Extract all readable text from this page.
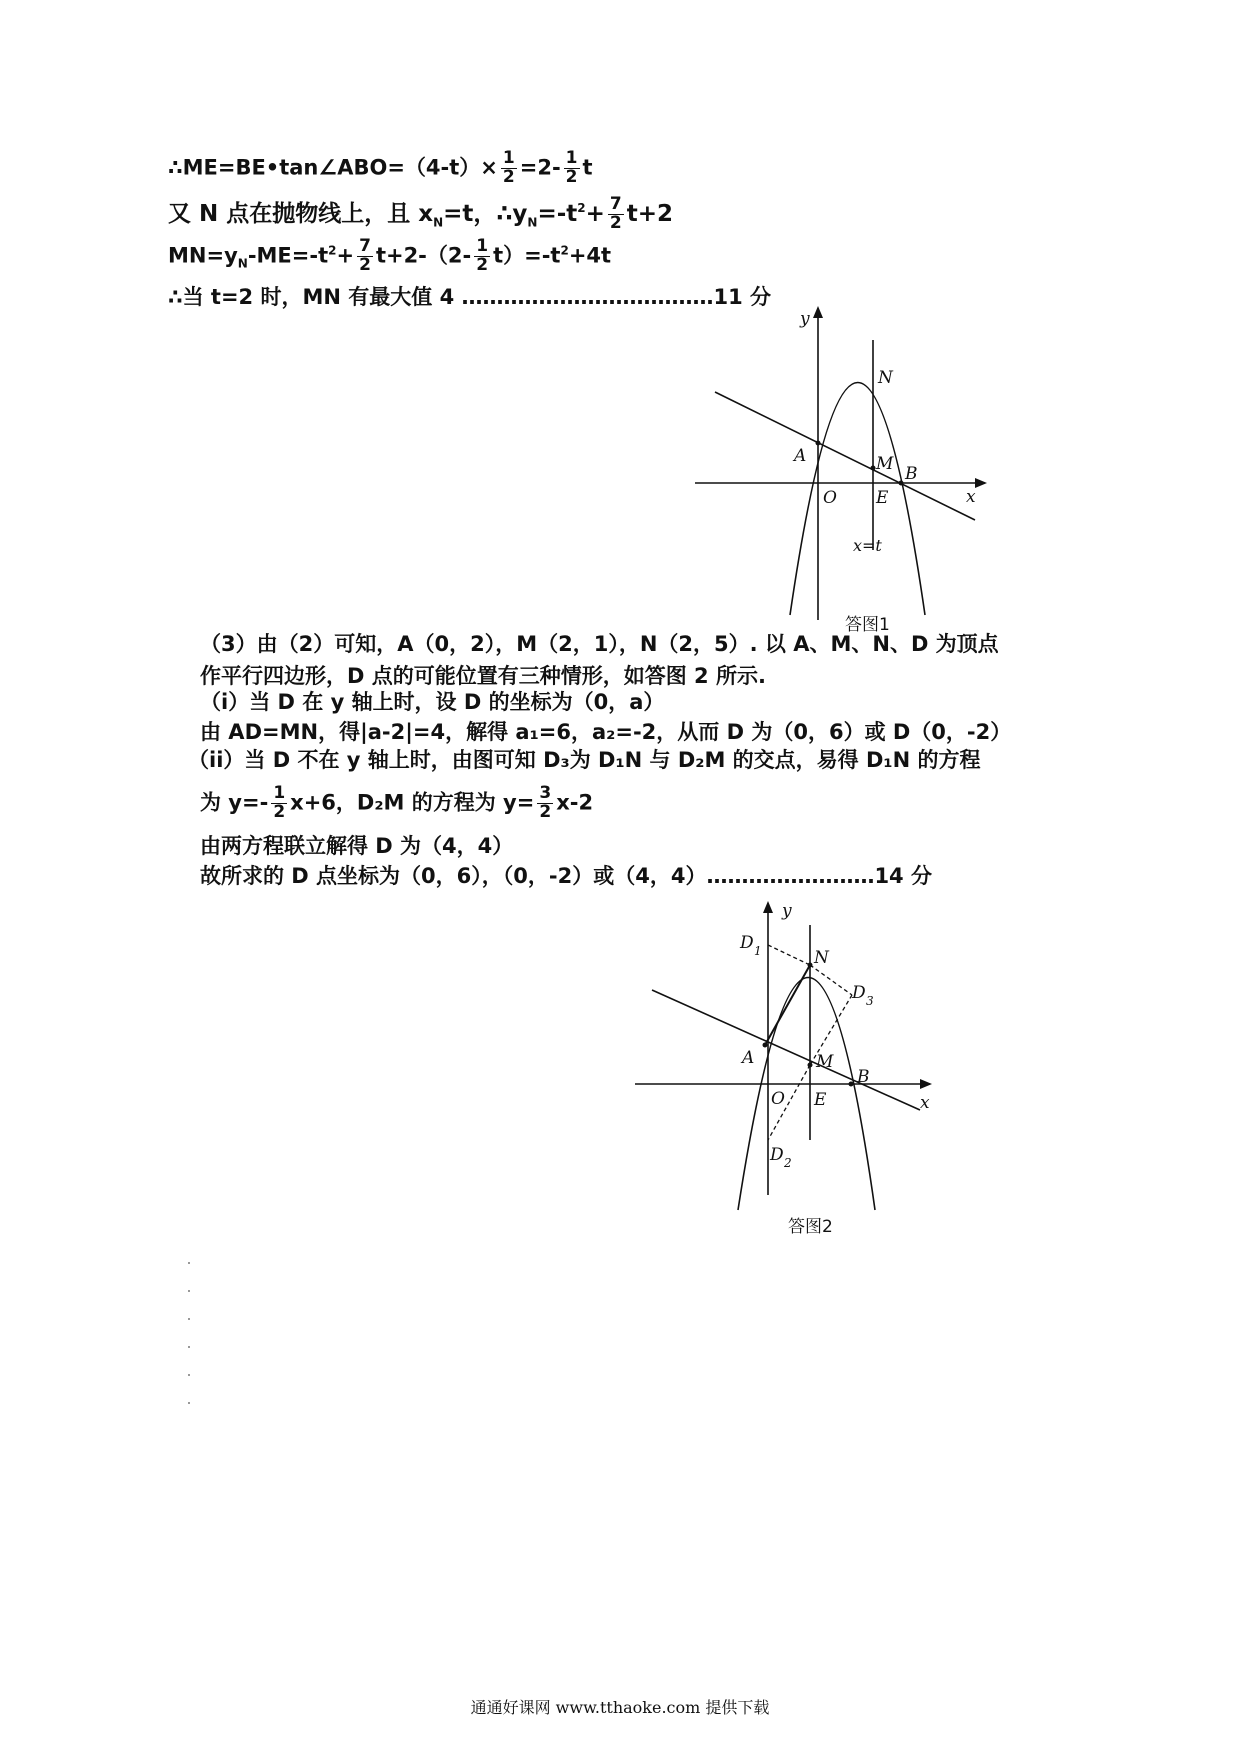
∴ME=BE•tan∠ABO=（4-t）× $\frac{1}{2} =2- \frac{1}{2}$ t
又 N 点在抛物线上，且 $x_N=t$，$\therefore y_N=-t^2+ \frac{7}{2} t+2$
$MN=y_N-ME=-t^2+ \frac{7}{2} t+2-(2- \frac{1}{2} t)=-t^2+4t$
∴当 t=2 时，MN 有最大值 4 ………………………………11 分
y
x
O
A	M B
N
E
x=t
答图1
（3）由（2）可知，A（0，2），M（2，1），N（2，5）. 以 A、M、N、D 为顶点
作平行四边形，D 点的可能位置有三种情形，如答图 2 所示.
（i）当 D 在 y 轴上时，设 D 的坐标为（0，a）
由 AD=MN，得|a-2|=4，解得 a₁=6，a₂=-2，从而 D 为（0，6）或 D（0，-2）
（ii）当 D 不在 y 轴上时，由图可知 D₃为 D₁N 与 D₂M 的交点，易得 D₁N 的方程
为 $y=- \frac{1}{2} x+6$，D₂M 的方程为 $y= \frac{3}{2} x-2$
由两方程联立解得 D 为（4，4）
故所求的 D 点坐标为（0，6），（0，-2）或（4，4）……………………14 分
y
x
O
A	M
B
N
E
D 1
D 2
D 3
答图2
通通好课网 www.tthaoke.com 提供下载
